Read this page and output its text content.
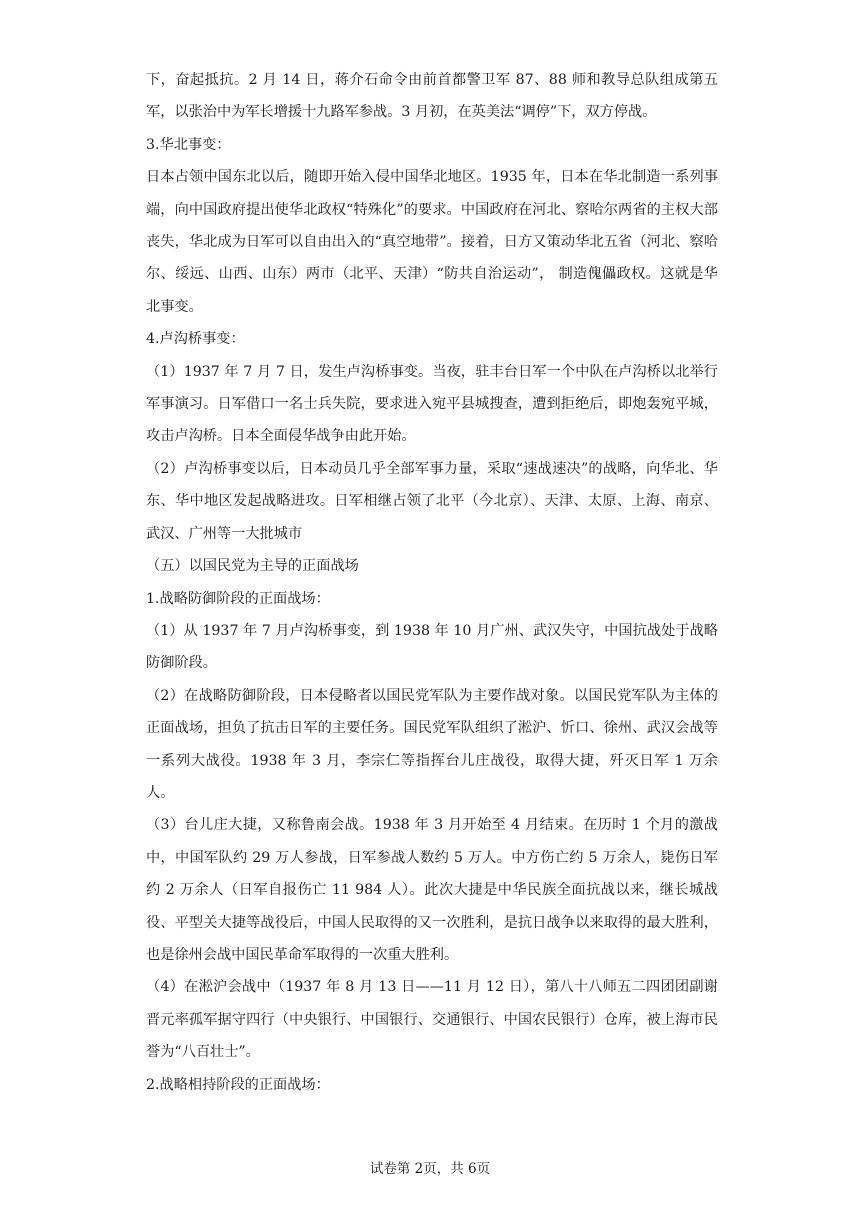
下，奋起抵抗。2 月 14 日，蒋介石命令由前首都警卫军 87、88 师和教导总队组成第五军，以张治中为军长增援十九路军参战。3 月初，在英美法“调停”下，双方停战。

3.华北事变：

日本占领中国东北以后，随即开始入侵中国华北地区。1935 年，日本在华北制造一系列事端，向中国政府提出使华北政权“特殊化”的要求。中国政府在河北、察哈尔两省的主权大部丧失，华北成为日军可以自由出入的“真空地带”。接着，日方又策动华北五省（河北、察哈尔、绥远、山西、山东）两市（北平、天津）“防共自治运动”， 制造傀儡政权。这就是华北事变。

4.卢沟桥事变：

（1）1937 年 7 月 7 日，发生卢沟桥事变。当夜，驻丰台日军一个中队在卢沟桥以北举行军事演习。日军借口一名士兵失院，要求进入宛平县城搜查，遭到拒绝后，即炮轰宛平城，攻击卢沟桥。日本全面侵华战争由此开始。

（2）卢沟桥事变以后，日本动员几乎全部军事力量，采取“速战速决”的战略，向华北、华东、华中地区发起战略进攻。日军相继占领了北平（今北京）、天津、太原、上海、南京、武汉、广州等一大批城市

（五）以国民党为主导的正面战场

1.战略防御阶段的正面战场：

（1）从 1937 年 7 月卢沟桥事变，到 1938 年 10 月广州、武汉失守，中国抗战处于战略防御阶段。

（2）在战略防御阶段，日本侵略者以国民党军队为主要作战对象。以国民党军队为主体的正面战场，担负了抗击日军的主要任务。国民党军队组织了淞沪、忻口、徐州、武汉会战等一系列大战役。1938 年 3 月，李宗仁等指挥台儿庄战役，取得大捷，歼灭日军 1 万余人。

（3）台儿庄大捷，又称鲁南会战。1938 年 3 月开始至 4 月结束。在历时 1 个月的激战中，中国军队约 29 万人参战，日军参战人数约 5 万人。中方伤亡约 5 万余人，毙伤日军约 2 万余人（日军自报伤亡 11 984 人）。此次大捷是中华民族全面抗战以来，继长城战役、平型关大捷等战役后，中国人民取得的又一次胜利，是抗日战争以来取得的最大胜利，也是徐州会战中国民革命军取得的一次重大胜利。

（4）在淞沪会战中（1937 年 8 月 13 日——11 月 12 日），第八十八师五二四团团副谢晋元率孤军据守四行（中央银行、中国银行、交通银行、中国农民银行）仓库，被上海市民誉为“八百壮士”。

2.战略相持阶段的正面战场：

试卷第 2页，共 6页
